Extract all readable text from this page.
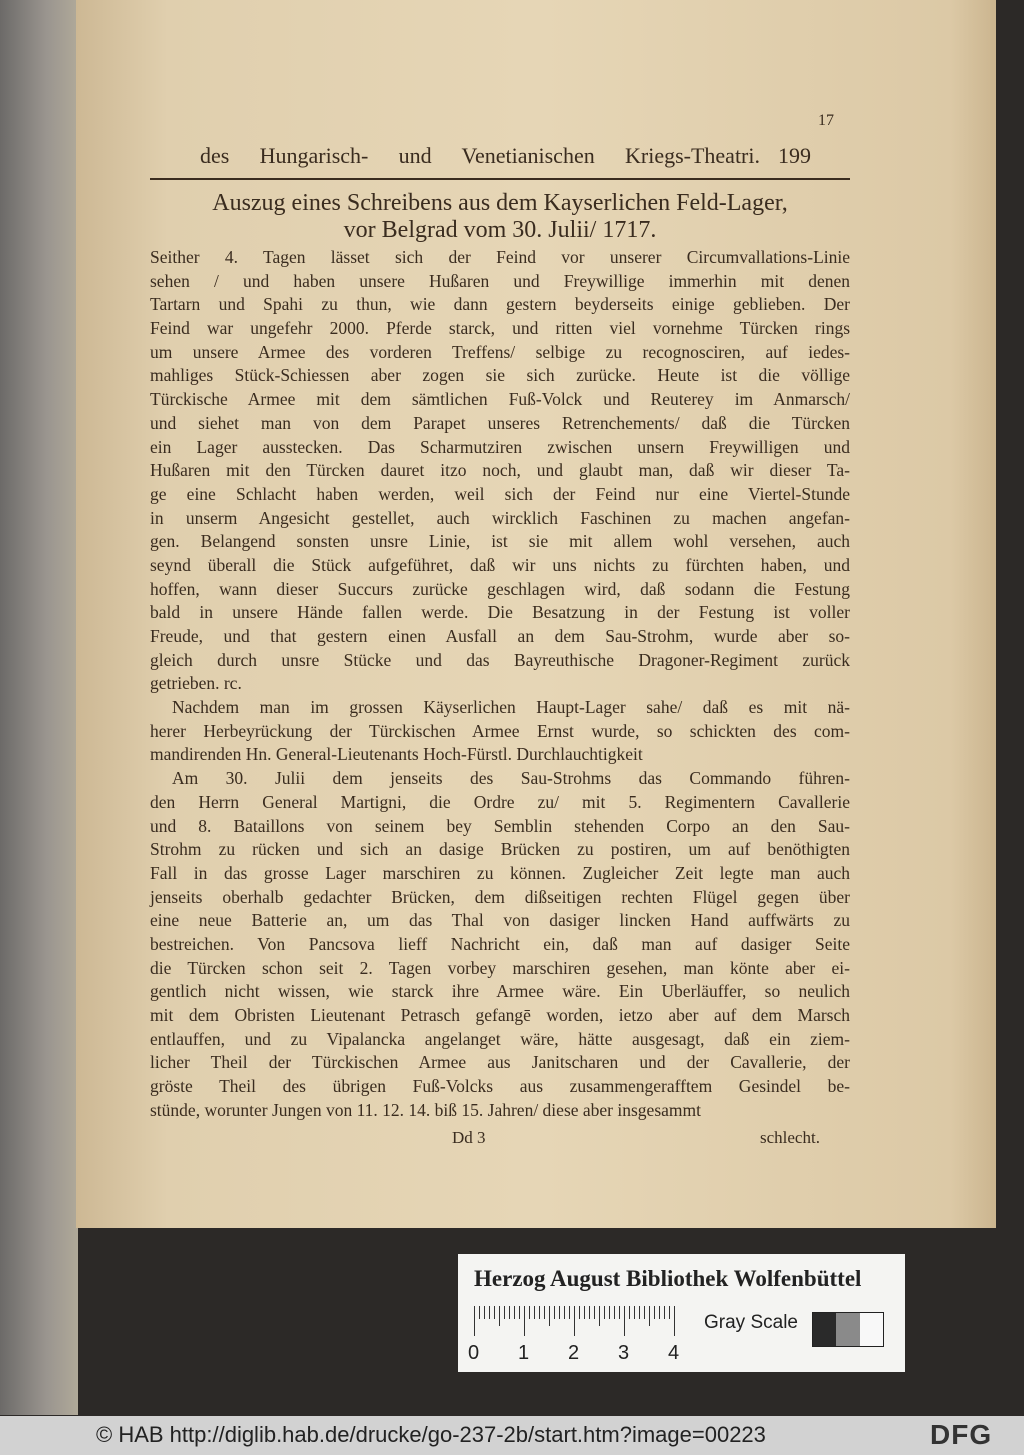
17
des Hungarisch- und Venetianischen Kriegs-Theatri. 199
Auszug eines Schreibens aus dem Kayserlichen Feld-Lager,
vor Belgrad vom 30. Julii/ 1717.
Seither 4. Tagen lässet sich der Feind vor unserer Circumvallations-Linie
sehen / und haben unsere Hußaren und Freywillige immerhin mit denen
Tartarn und Spahi zu thun, wie dann gestern beyderseits einige geblieben. Der
Feind war ungefehr 2000. Pferde starck, und ritten viel vornehme Türcken rings
um unsere Armee des vorderen Treffens/ selbige zu recognosciren, auf iedes-
mahliges Stück-Schiessen aber zogen sie sich zurücke. Heute ist die völlige
Türckische Armee mit dem sämtlichen Fuß-Volck und Reuterey im Anmarsch/
und siehet man von dem Parapet unseres Retrenchements/ daß die Türcken
ein Lager ausstecken. Das Scharmutziren zwischen unsern Freywilligen und
Hußaren mit den Türcken dauret itzo noch, und glaubt man, daß wir dieser Ta-
ge eine Schlacht haben werden, weil sich der Feind nur eine Viertel-Stunde
in unserm Angesicht gestellet, auch wircklich Faschinen zu machen angefan-
gen. Belangend sonsten unsre Linie, ist sie mit allem wohl versehen, auch
seynd überall die Stück aufgeführet, daß wir uns nichts zu fürchten haben, und
hoffen, wann dieser Succurs zurücke geschlagen wird, daß sodann die Festung
bald in unsere Hände fallen werde. Die Besatzung in der Festung ist voller
Freude, und that gestern einen Ausfall an dem Sau-Strohm, wurde aber so-
gleich durch unsre Stücke und das Bayreuthische Dragoner-Regiment zurück
getrieben. rc.
Nachdem man im grossen Käyserlichen Haupt-Lager sahe/ daß es mit nä-
herer Herbeyrückung der Türckischen Armee Ernst wurde, so schickten des com-
mandirenden Hn. General-Lieutenants Hoch-Fürstl. Durchlauchtigkeit
Am 30. Julii dem jenseits des Sau-Strohms das Commando führen-
den Herrn General Martigni, die Ordre zu/ mit 5. Regimentern Cavallerie
und 8. Bataillons von seinem bey Semblin stehenden Corpo an den Sau-
Strohm zu rücken und sich an dasige Brücken zu postiren, um auf benöthigten
Fall in das grosse Lager marschiren zu können. Zugleicher Zeit legte man auch
jenseits oberhalb gedachter Brücken, dem dißseitigen rechten Flügel gegen über
eine neue Batterie an, um das Thal von dasiger lincken Hand auffwärts zu
bestreichen. Von Pancsova lieff Nachricht ein, daß man auf dasiger Seite
die Türcken schon seit 2. Tagen vorbey marschiren gesehen, man könte aber ei-
gentlich nicht wissen, wie starck ihre Armee wäre. Ein Uberläuffer, so neulich
mit dem Obristen Lieutenant Petrasch gefangē worden, ietzo aber auf dem Marsch
entlauffen, und zu Vipalancka angelanget wäre, hätte ausgesagt, daß ein ziem-
licher Theil der Türckischen Armee aus Janitscharen und der Cavallerie, der
gröste Theil des übrigen Fuß-Volcks aus zusammengerafftem Gesindel be-
stünde, worunter Jungen von 11. 12. 14. biß 15. Jahren/ diese aber insgesammt
Dd 3	schlecht.
Herzog August Bibliothek Wolfenbüttel
0 1 2 3 4
Gray Scale
© HAB http://diglib.hab.de/drucke/go-237-2b/start.htm?image=00223	DFG
